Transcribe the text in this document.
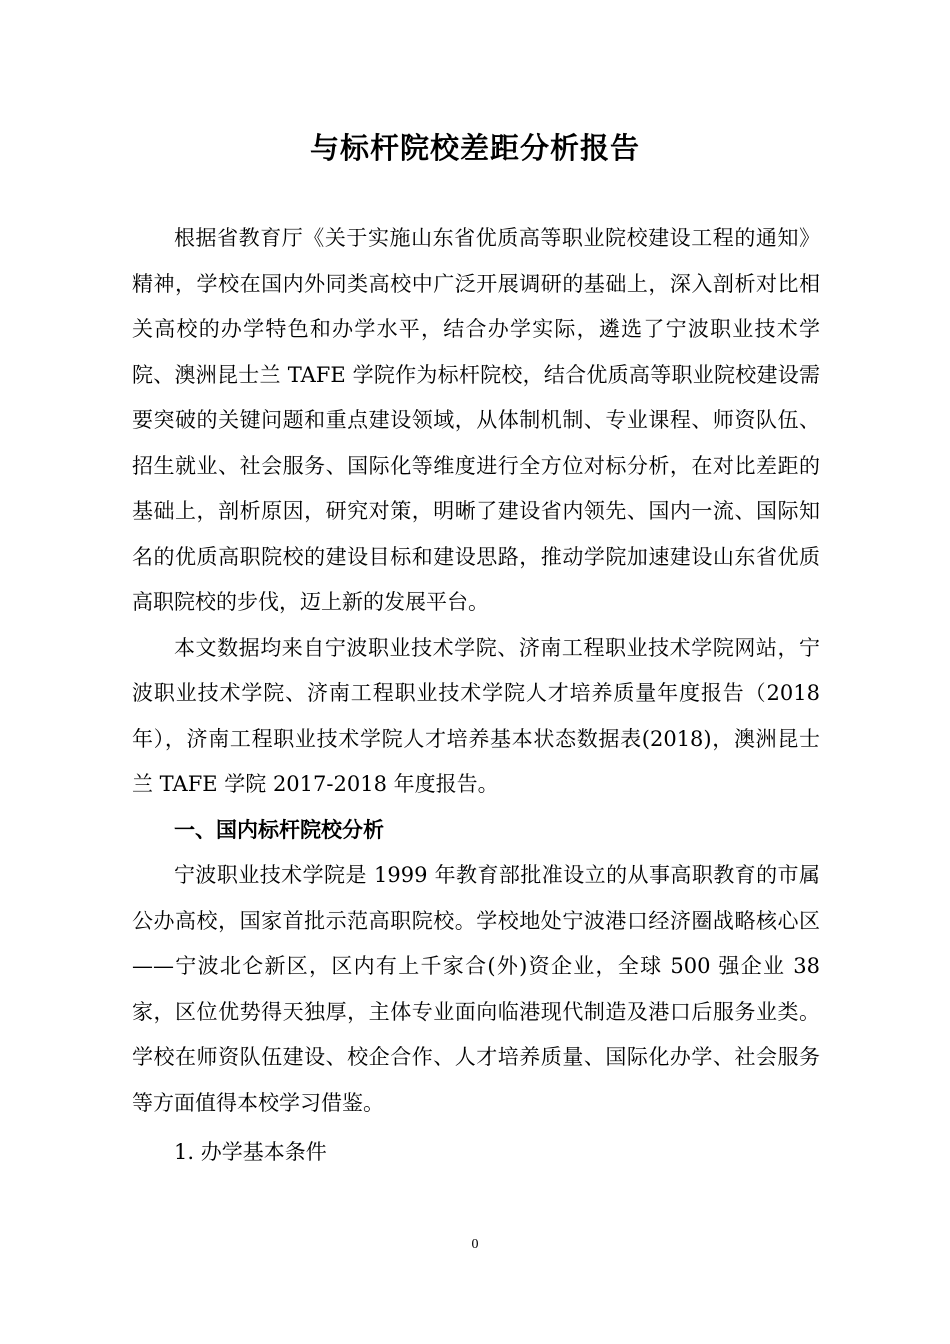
与标杆院校差距分析报告

根据省教育厅《关于实施山东省优质高等职业院校建设工程的通知》精神，学校在国内外同类高校中广泛开展调研的基础上，深入剖析对比相关高校的办学特色和办学水平，结合办学实际，遴选了宁波职业技术学院、澳洲昆士兰 TAFE 学院作为标杆院校，结合优质高等职业院校建设需要突破的关键问题和重点建设领域，从体制机制、专业课程、师资队伍、招生就业、社会服务、国际化等维度进行全方位对标分析，在对比差距的基础上，剖析原因，研究对策，明晰了建设省内领先、国内一流、国际知名的优质高职院校的建设目标和建设思路，推动学院加速建设山东省优质高职院校的步伐，迈上新的发展平台。

本文数据均来自宁波职业技术学院、济南工程职业技术学院网站，宁波职业技术学院、济南工程职业技术学院人才培养质量年度报告（2018年），济南工程职业技术学院人才培养基本状态数据表(2018)，澳洲昆士兰 TAFE 学院 2017-2018 年度报告。

一、国内标杆院校分析

宁波职业技术学院是 1999 年教育部批准设立的从事高职教育的市属公办高校，国家首批示范高职院校。学校地处宁波港口经济圈战略核心区——宁波北仑新区，区内有上千家合(外)资企业，全球 500 强企业 38 家，区位优势得天独厚，主体专业面向临港现代制造及港口后服务业类。学校在师资队伍建设、校企合作、人才培养质量、国际化办学、社会服务等方面值得本校学习借鉴。

1. 办学基本条件

0
